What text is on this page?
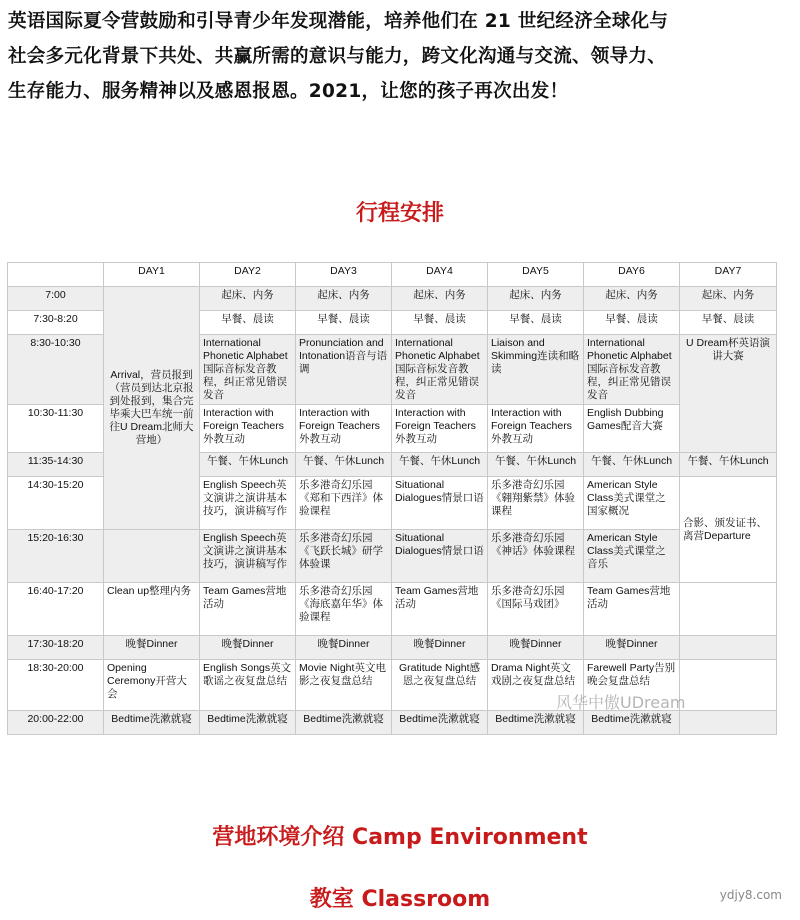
英语国际夏令营鼓励和引导青少年发现潜能，培养他们在 21 世纪经济全球化与
社会多元化背景下共处、共赢所需的意识与能力，跨文化沟通与交流、领导力、
生存能力、服务精神以及感恩报恩。2021，让您的孩子再次出发！
行程安排
	DAY1	DAY2	DAY3	DAY4	DAY5	DAY6	DAY7
7:00	Arrival，营员报到（营员到达北京报到处报到，集合完毕乘大巴车统一前往U Dream北师大营地）	起床、内务	起床、内务	起床、内务	起床、内务	起床、内务	起床、内务
7:30-8:20		早餐、晨读	早餐、晨读	早餐、晨读	早餐、晨读	早餐、晨读	早餐、晨读
8:30-10:30		International Phonetic Alphabet国际音标发音教程，纠正常见错误发音	Pronunciation and Intonation语音与语调	International Phonetic Alphabet国际音标发音教程，纠正常见错误发音	Liaison and Skimming连读和略读	International Phonetic Alphabet国际音标发音教程，纠正常见错误发音	U Dream杯英语演讲大赛
10:30-11:30		Interaction with Foreign Teachers外教互动	Interaction with Foreign Teachers外教互动	Interaction with Foreign Teachers外教互动	Interaction with Foreign Teachers外教互动	English Dubbing Games配音大赛	
11:35-14:30		午餐、午休Lunch	午餐、午休Lunch	午餐、午休Lunch	午餐、午休Lunch	午餐、午休Lunch	午餐、午休Lunch
14:30-15:20		English Speech英文演讲之演讲基本技巧，演讲稿写作	乐多港奇幻乐园《郑和下西洋》体验课程	Situational Dialogues情景口语	乐多港奇幻乐园《翱翔紫禁》体验课程	American Style Class美式课堂之国家概况	合影、颁发证书、离营Departure
15:20-16:30		English Speech英文演讲之演讲基本技巧，演讲稿写作	乐多港奇幻乐园《飞跃长城》研学体验课	Situational Dialogues情景口语	乐多港奇幻乐园《神话》体验课程	American Style Class美式课堂之音乐	
16:40-17:20	Clean up整理内务	Team Games营地活动	乐多港奇幻乐园《海底嘉年华》体验课程	Team Games营地活动	乐多港奇幻乐园《国际马戏团》	Team Games营地活动	
17:30-18:20	晚餐Dinner	晚餐Dinner	晚餐Dinner	晚餐Dinner	晚餐Dinner	晚餐Dinner	
18:30-20:00	Opening Ceremony开营大会	English Songs英文歌谣之夜复盘总结	Movie Night英文电影之夜复盘总结	Gratitude Night感恩之夜复盘总结	Drama Night英文戏剧之夜复盘总结	Farewell Party告别晚会复盘总结	
20:00-22:00	Bedtime洗漱就寝	Bedtime洗漱就寝	Bedtime洗漱就寝	Bedtime洗漱就寝	Bedtime洗漱就寝	Bedtime洗漱就寝	
风华中傲UDream
营地环境介绍 Camp Environment
教室 Classroom	ydjy8.com
